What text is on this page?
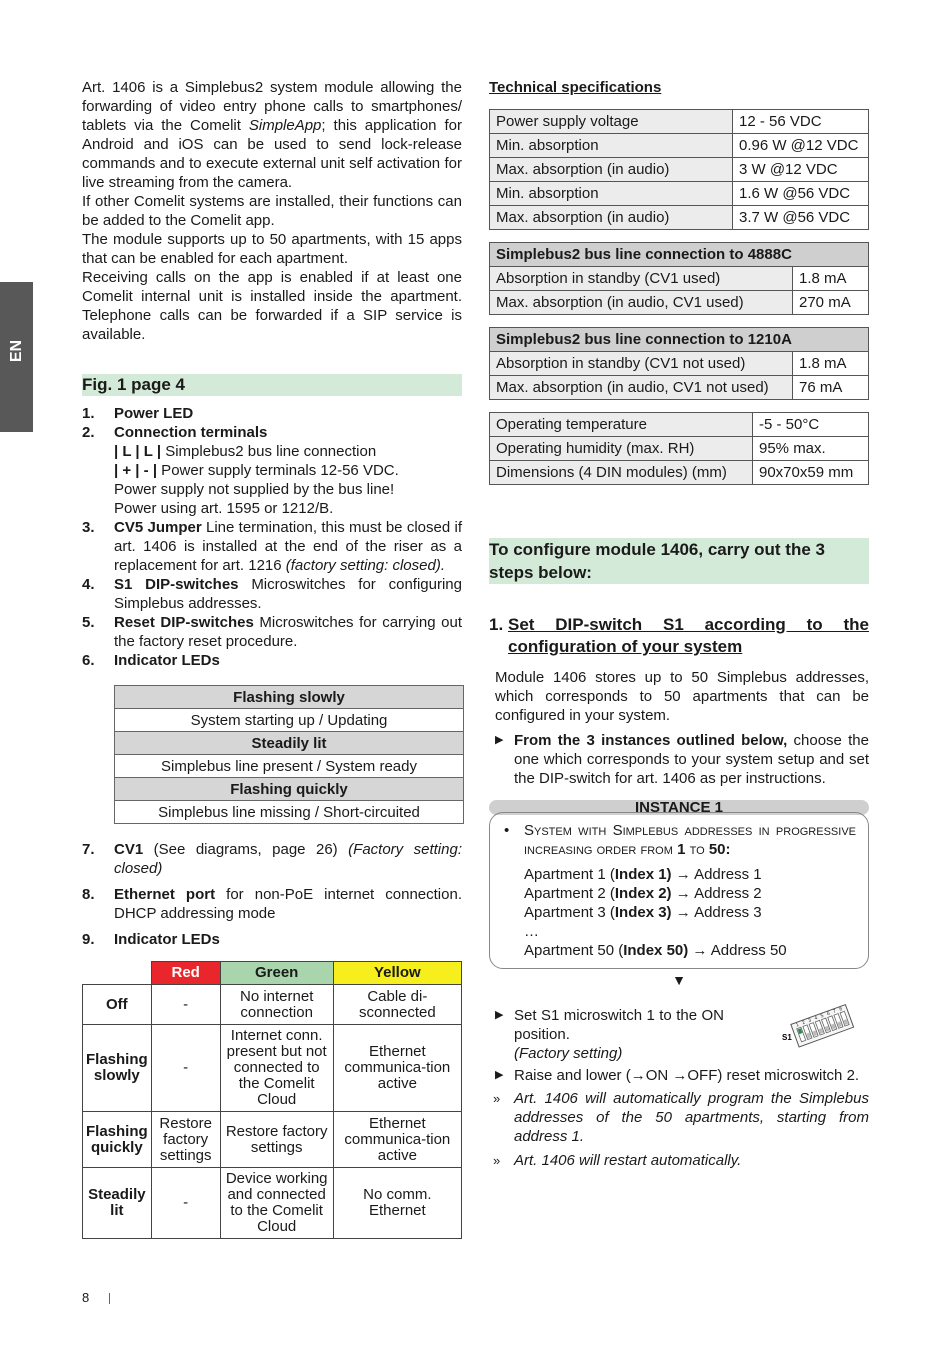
EN

Art. 1406 is a Simplebus2 system module allowing the forwarding of video entry phone calls to smartphones/ tablets via the Comelit SimpleApp; this application for Android and iOS can be used to send lock-release commands and to execute external unit self activation for live streaming from the camera.

If other Comelit systems are installed, their functions can be added to the Comelit app.

The module supports up to 50 apartments, with 15 apps that can be enabled for each apartment.

Receiving calls on the app is enabled if at least one Comelit internal unit is installed inside the apartment. Telephone calls can be forwarded if a SIP service is available.

Fig. 1 page 4
1. Power LED
2. Connection terminals
| L | L | Simplebus2 bus line connection
| + | - | Power supply terminals 12-56 VDC.
Power supply not supplied by the bus line!
Power using art. 1595 or 1212/B.
3. CV5 Jumper Line termination, this must be closed if art. 1406 is installed at the end of the riser as a replacement for art. 1216 (factory setting: closed).
4. S1 DIP-switches Microswitches for configuring Simplebus addresses.
5. Reset DIP-switches Microswitches for carrying out the factory reset procedure.
6. Indicator LEDs
Flashing slowly
System starting up / Updating
Steadily lit
Simplebus line present / System ready
Flashing quickly
Simplebus line missing / Short-circuited
7. CV1 (See diagrams, page 26) (Factory setting: closed)
8. Ethernet port for non-PoE internet connection. DHCP addressing mode
9. Indicator LEDs
	Red	Green	Yellow
Off	-	No internet connection	Cable di-sconnected
Flashing slowly	-	Internet conn. present but not connected to the Comelit Cloud	Ethernet communica-tion active
Flashing quickly	Restore factory settings	Restore factory settings	Ethernet communica-tion active
Steadily lit	-	Device working and connected to the Comelit Cloud	No comm. Ethernet
Technical specifications
Power supply voltage	12 - 56 VDC
Min. absorption	0.96 W @12 VDC
Max. absorption (in audio)	3 W @12 VDC
Min. absorption	1.6 W @56 VDC
Max. absorption (in audio)	3.7 W @56 VDC
Simplebus2 bus line connection to 4888C	
Absorption in standby (CV1 used)	1.8 mA
Max. absorption (in audio, CV1 used)	270 mA
Simplebus2 bus line connection to 1210A	
Absorption in standby (CV1 not used)	1.8 mA
Max. absorption (in audio, CV1 not used)	76 mA
Operating temperature	-5 - 50°C
Operating humidity (max. RH)	95% max.
Dimensions (4 DIN modules) (mm)	90x70x59 mm
To configure module 1406, carry out the 3 steps below:
1. Set DIP-switch S1 according to the configuration of your system

Module 1406 stores up to 50 Simplebus addresses, which corresponds to 50 apartments that can be configured in your system.

▶ From the 3 instances outlined below, choose the one which corresponds to your system setup and set the DIP-switch for art. 1406 as per instructions.
INSTANCE 1
• System with Simplebus addresses in progressive increasing order from 1 to 50:
Apartment 1 (Index 1) → Address 1
Apartment 2 (Index 2) → Address 2
Apartment 3 (Index 3) → Address 3
…
Apartment 50 (Index 50) → Address 50
▼
▶ Set S1 microswitch 1 to the ON position.
(Factory setting)
1 2 3 4 5 6 7 8
S1
▶ Raise and lower (→ON →OFF) reset microswitch 2.
» Art. 1406 will automatically program the Simplebus addresses of the 50 apartments, starting from address 1.
» Art. 1406 will restart automatically.
8
